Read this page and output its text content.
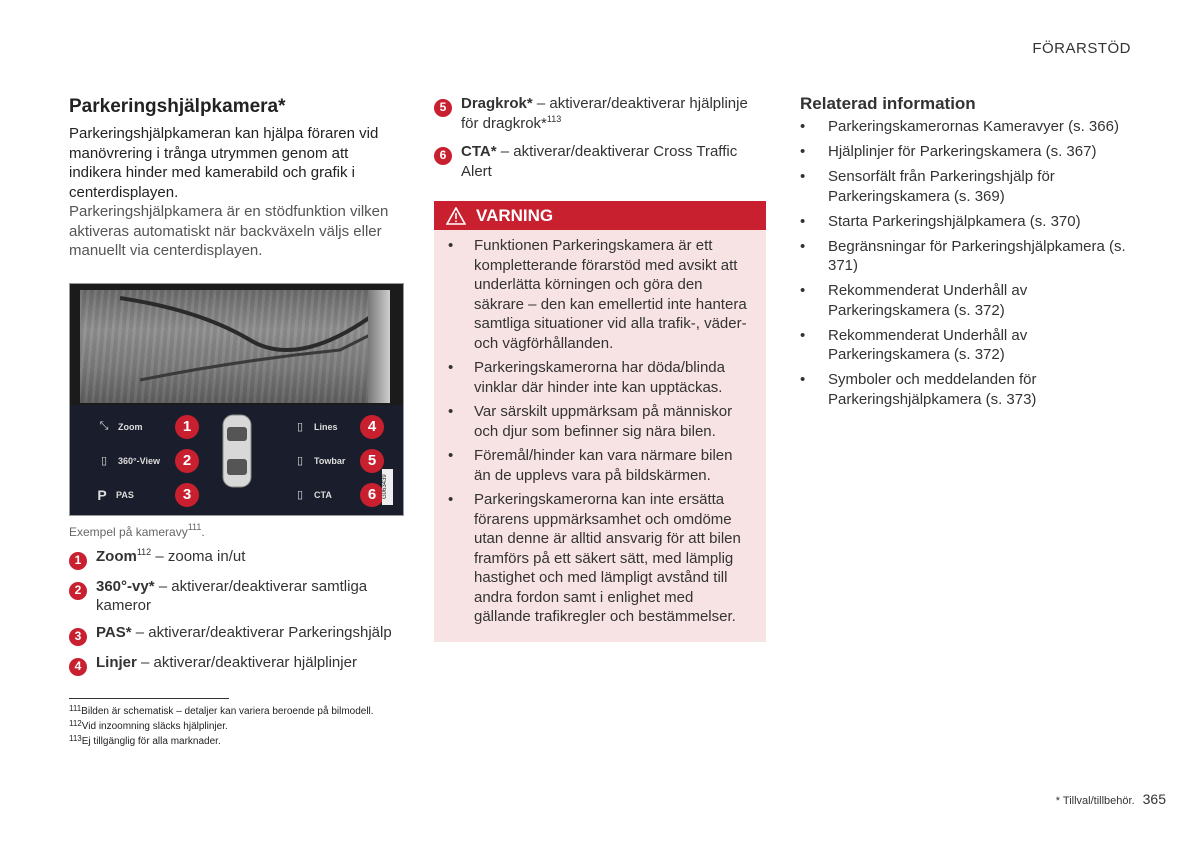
FÖRARSTÖD
Parkeringshjälpkamera*

Parkeringshjälpkameran kan hjälpa föraren vid manövrering i trånga utrymmen genom att indikera hinder med kamerabild och grafik i centerdisplayen.

Parkeringshjälpkamera är en stödfunktion vilken aktiveras automatiskt när backväxeln väljs eller manuellt via centerdisplayen.

⤡	Zoom	1
▯	360°-View	2
P	PAS	3
▯	Lines	4
▯	Towbar	5
▯	CTA	6 G063439
Exempel på kameravy$^{111}$.
1 Zoom$^{112}$ – zooma in/ut
2 360°-vy* – aktiverar/deaktiverar samtliga kameror
3 PAS* – aktiverar/deaktiverar Parkeringshjälp
4 Linjer – aktiverar/deaktiverar hjälplinjer
5 Dragkrok* – aktiverar/deaktiverar hjälplinje för dragkrok*$^{113}$
6 CTA* – aktiverar/deaktiverar Cross Traffic Alert
VARNING
• Funktionen Parkeringskamera är ett kompletterande förarstöd med avsikt att underlätta körningen och göra den säkrare – den kan emellertid inte hantera samtliga situationer vid alla trafik-, väder- och vägförhållanden.
• Parkeringskamerorna har döda/blinda vinklar där hinder inte kan upptäckas.
• Var särskilt uppmärksam på människor och djur som befinner sig nära bilen.
• Föremål/hinder kan vara närmare bilen än de upplevs vara på bildskärmen.
• Parkeringskamerorna kan inte ersätta förarens uppmärksamhet och omdöme utan denne är alltid ansvarig för att bilen framförs på ett säkert sätt, med lämplig hastighet och med lämpligt avstånd till andra fordon samt i enlighet med gällande trafikregler och bestämmelser.
Relaterad information
• Parkeringskamerornas Kameravyer (s. 366)
• Hjälplinjer för Parkeringskamera (s. 367)
• Sensorfält från Parkeringshjälp för Parkeringskamera (s. 369)
• Starta Parkeringshjälpkamera (s. 370)
• Begränsningar för Parkeringshjälpkamera (s. 371)
• Rekommenderat Underhåll av Parkeringskamera (s. 372)
• Rekommenderat Underhåll av Parkeringskamera (s. 372)
• Symboler och meddelanden för Parkeringshjälpkamera (s. 373)
$^{111}$Bilden är schematisk – detaljer kan variera beroende på bilmodell.
$^{112}$Vid inzoomning släcks hjälplinjer.
$^{113}$Ej tillgänglig för alla marknader.
* Tillval/tillbehör. 365
